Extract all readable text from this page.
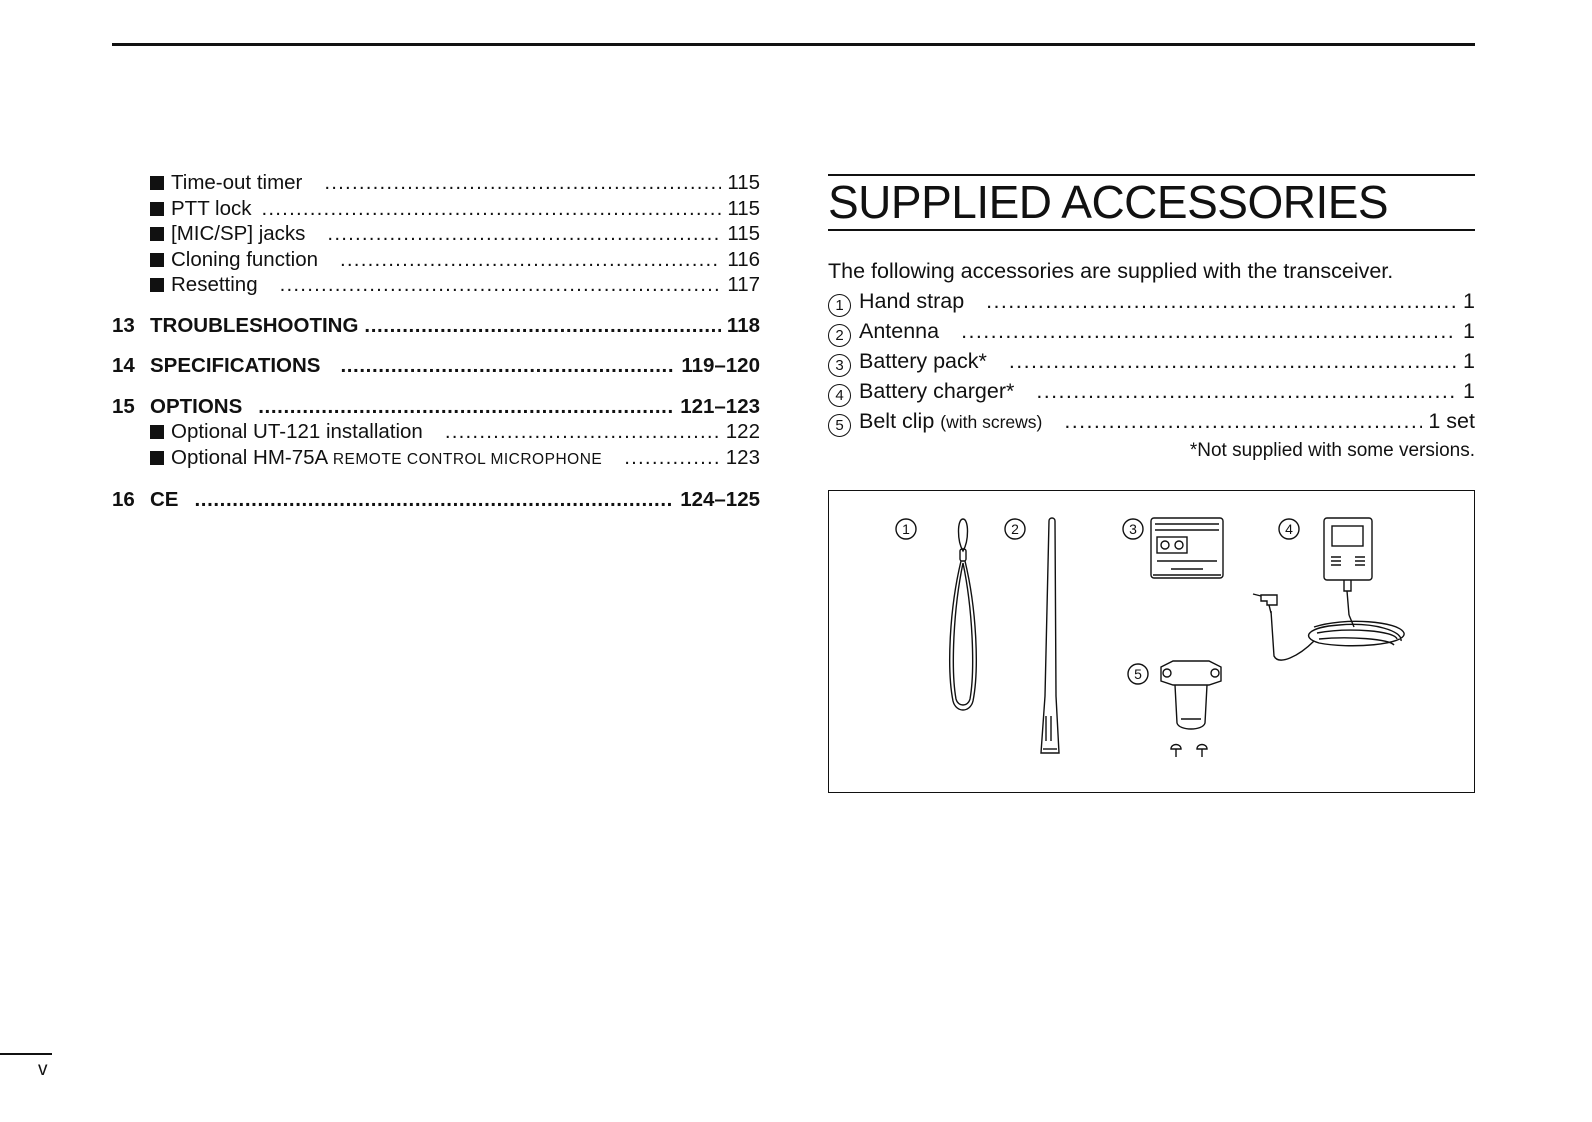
Time-out timer .....	115
PTT lock .....	115
[MIC/SP] jacks .....	115
Cloning function .....	116
Resetting .....	117
13 TROUBLESHOOTING .....	118
14 SPECIFICATIONS .....	119–120
15 OPTIONS .....	121–123
Optional UT-121 installation .....	122
Optional HM-75A REMOTE CONTROL MICROPHONE .....	123
16 CE .....	124–125
SUPPLIED ACCESSORIES
The following accessories are supplied with the transceiver.
1 Hand strap .....	1
2 Antenna .....	1
3 Battery pack* .....	1
4 Battery charger* .....	1
5 Belt clip (with screws) .....	1 set
*Not supplied with some versions.
1	2	3	4
5
v
